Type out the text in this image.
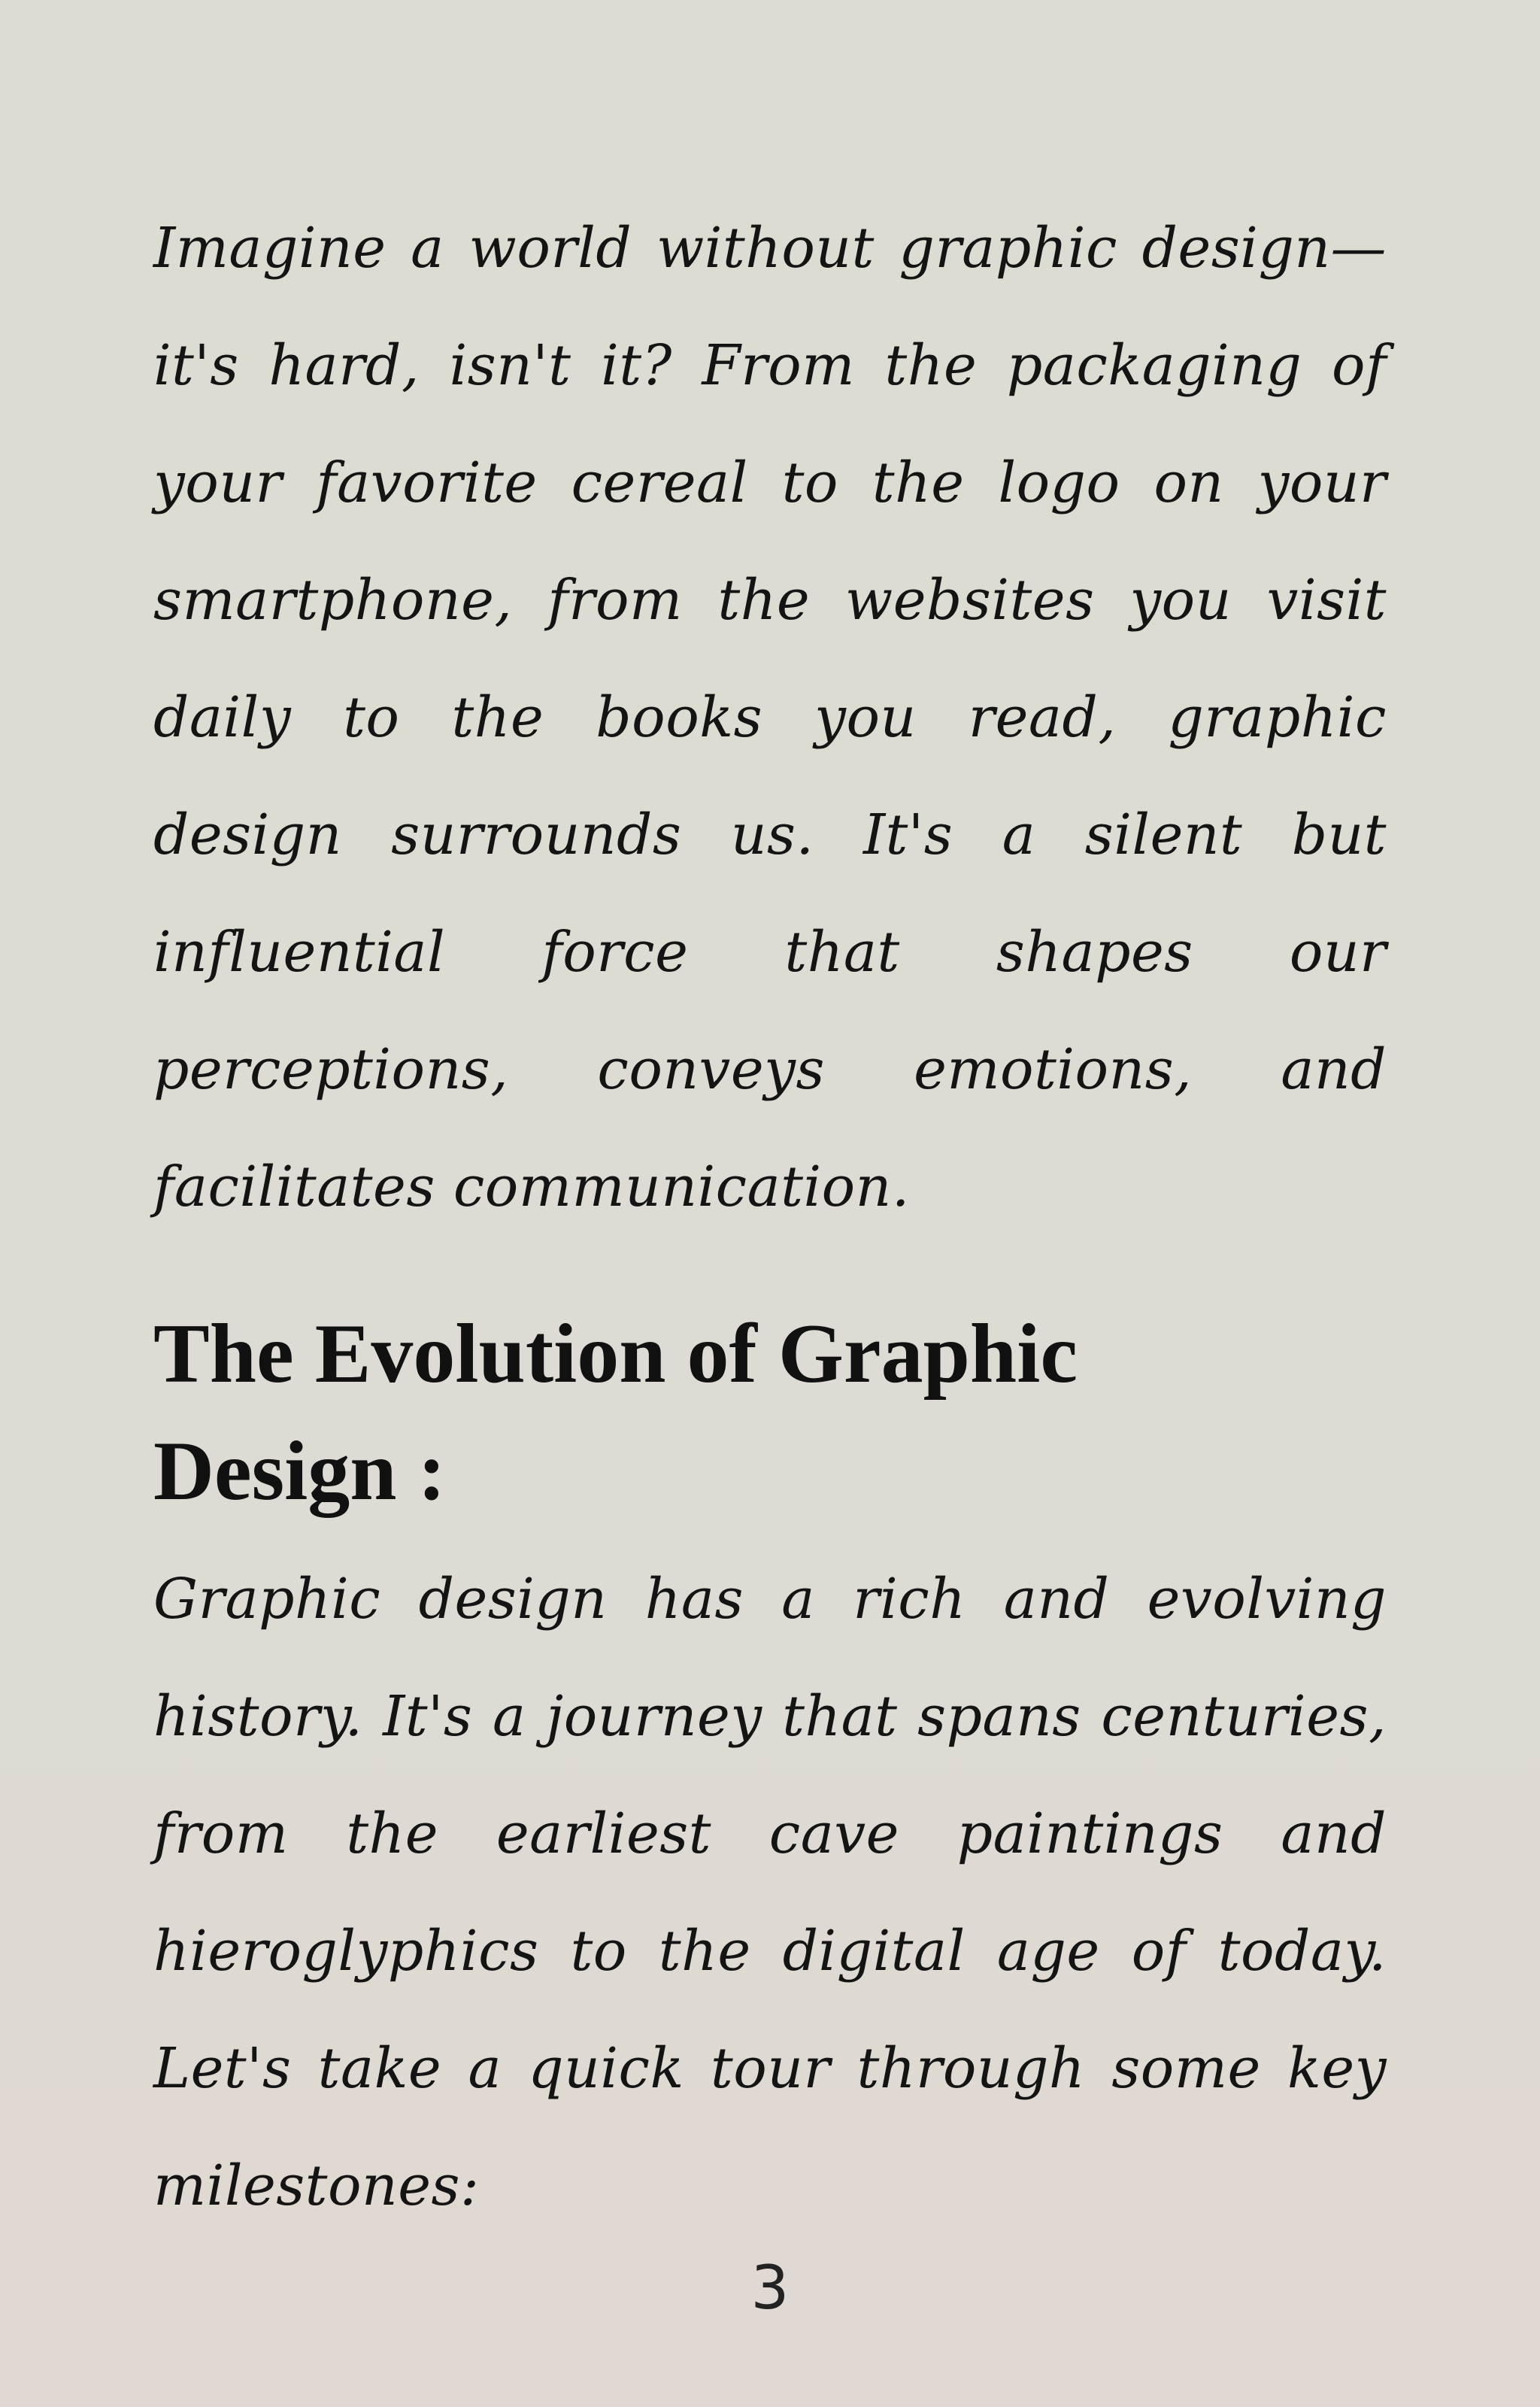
Imagine a world without graphic design—it's hard, isn't it? From the packaging of your favorite cereal to the logo on your smartphone, from the websites you visit daily to the books you read, graphic design surrounds us. It's a silent but influential force that shapes our perceptions, conveys emotions, and facilitates communication.

The Evolution of Graphic Design :

Graphic design has a rich and evolving history. It's a journey that spans centuries, from the earliest cave paintings and hieroglyphics to the digital age of today. Let's take a quick tour through some key milestones:

3
